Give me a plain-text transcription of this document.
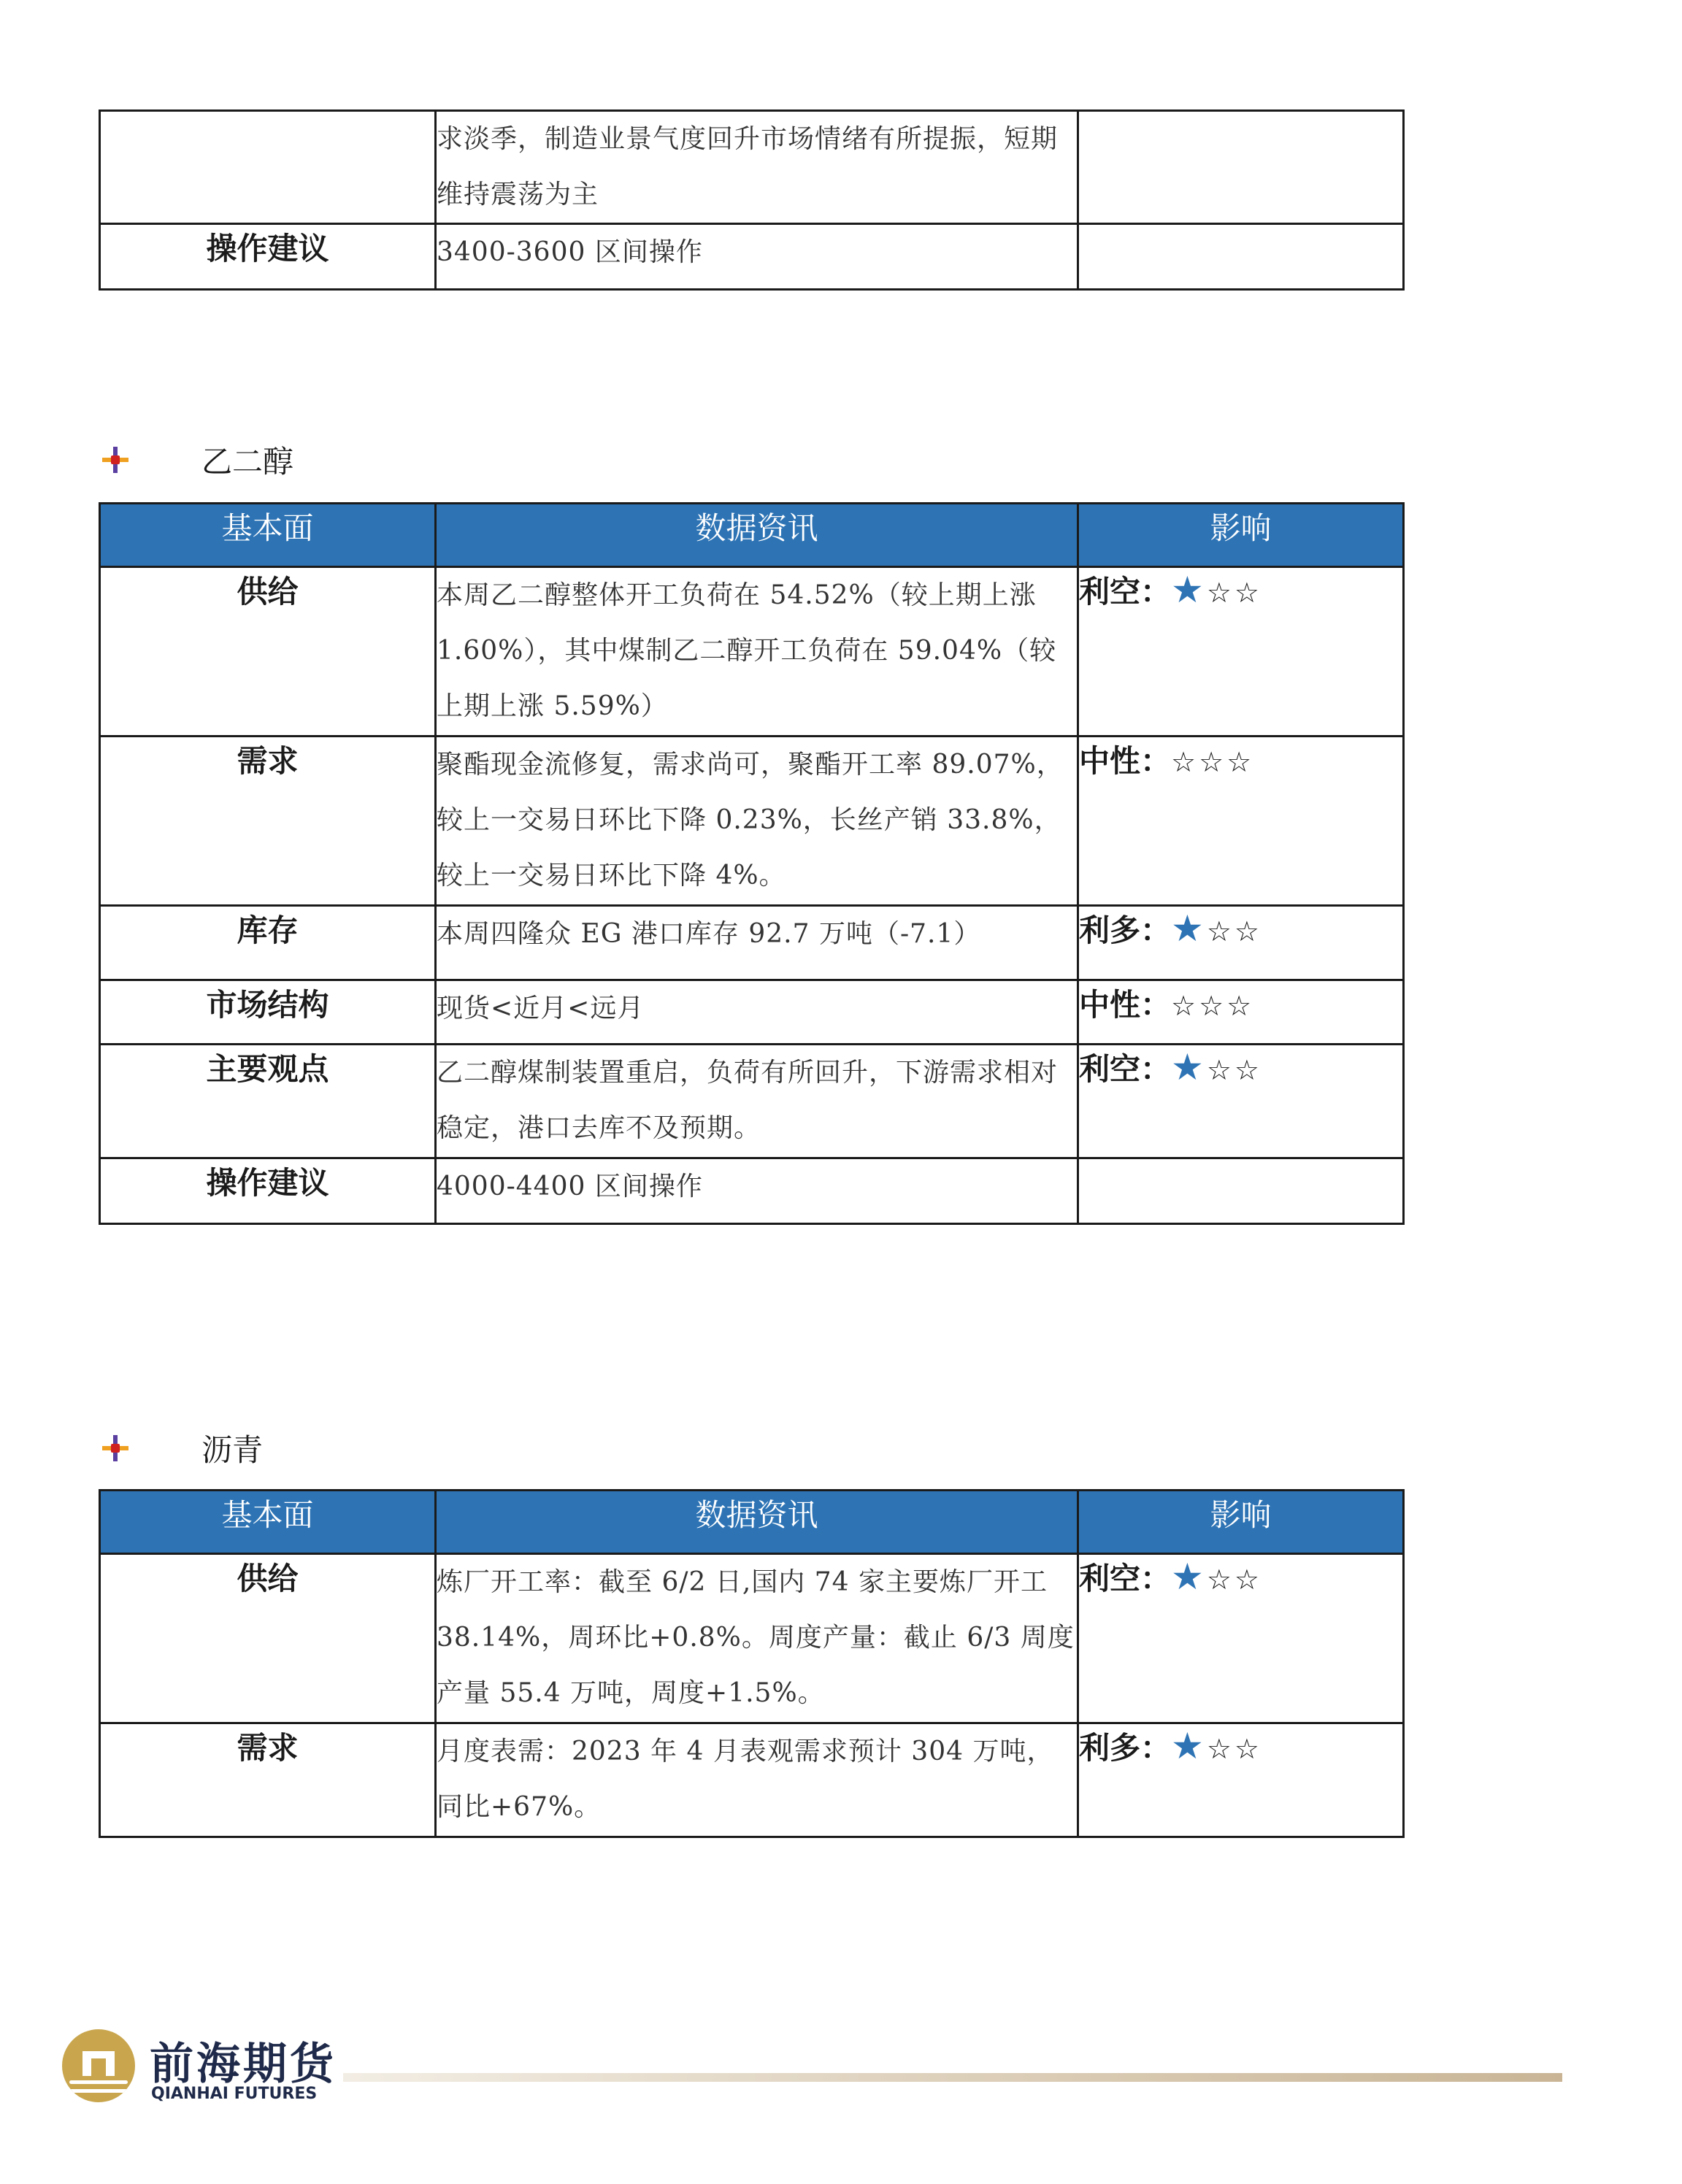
	求淡季，制造业景气度回升市场情绪有所提振，短期维持震荡为主	
操作建议	3400-3600 区间操作	
乙二醇
基本面	数据资讯	影响
供给	本周乙二醇整体开工负荷在 54.52%（较上期上涨 1.60%），其中煤制乙二醇开工负荷在 59.04%（较上期上涨 5.59%）	利空：★☆☆
需求	聚酯现金流修复，需求尚可，聚酯开工率 89.07%，较上一交易日环比下降 0.23%，长丝产销 33.8%，较上一交易日环比下降 4%。	中性：☆☆☆
库存	本周四隆众 EG 港口库存 92.7 万吨（-7.1）	利多：★☆☆
市场结构	现货<近月<远月	中性：☆☆☆
主要观点	乙二醇煤制装置重启，负荷有所回升，下游需求相对稳定，港口去库不及预期。	利空：★☆☆
操作建议	4000-4400 区间操作	
沥青
基本面	数据资讯	影响
供给	炼厂开工率：截至 6/2 日,国内 74 家主要炼厂开工 38.14%，周环比+0.8%。周度产量：截止 6/3 周度产量 55.4 万吨，周度+1.5%。	利空：★☆☆
需求	月度表需：2023 年 4 月表观需求预计 304 万吨，同比+67%。	利多：★☆☆
前海期货
QIANHAI FUTURES
